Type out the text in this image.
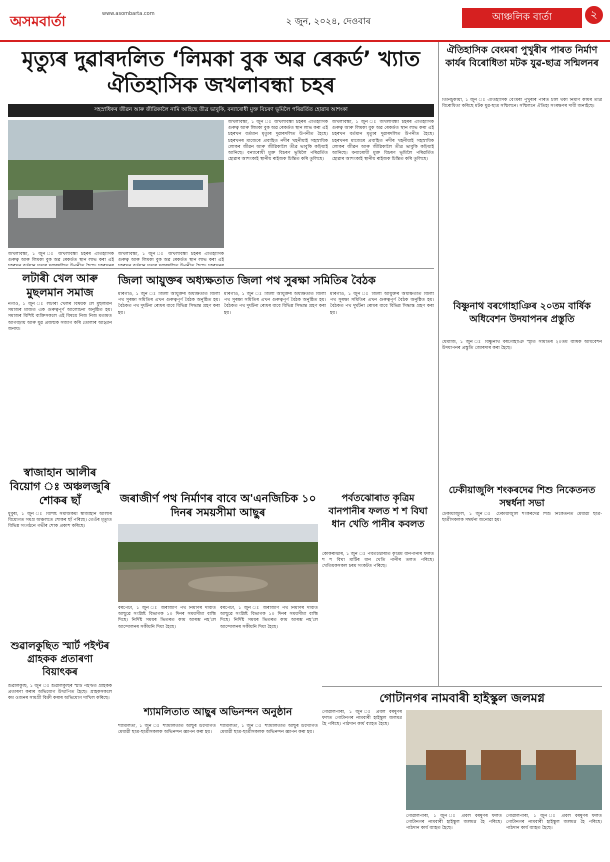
অসমবাৰ্তা	www.asombarta.com
২ জুন, ২০২৪, দেওবাৰ	আঞ্চলিক বাৰ্তা	২
মৃত্যুৰ দুৱাৰদলিত ‘লিমকা বুক অৱ ৰেকৰ্ড’ খ্যাত ঐতিহাসিক জখলাবন্ধা চহৰ
সহস্ৰাধিকৰ জীৱন আৰু জীৱিকালৈ নামি আহিছে তীব্ৰ ভাবুকি, বন্যাৰোধী মুক্ত বিচৰণ ভূমিলৈ পৰিৱৰ্তিত হোৱাৰ আশংকা
জখলাবন্ধা, ১ জুন ঃ জখলাবন্ধা চহৰৰ ঐতিহাসিক গুৰুত্ব আৰু লিমকা বুক অৱ ৰেকৰ্ডত স্থান লাভ কৰা এই
জখলাবন্ধা, ১ জুন ঃ জখলাবন্ধা চহৰৰ ঐতিহাসিক গুৰুত্ব আৰু লিমকা বুক অৱ ৰেকৰ্ডত স্থান লাভ কৰা এই
জখলাবন্ধা, ১ জুন ঃ জখলাবন্ধা চহৰৰ ঐতিহাসিক গুৰুত্ব আৰু লিমকা বুক অৱ ৰেকৰ্ডত স্থান লাভ কৰা এই চহৰখন বৰ্তমান মৃত্যুৰ দুৱাৰদলিত উপনীত হৈছে। চহৰখনৰ মাজেৰে প্ৰবাহিত নদীৰ খহনীয়াই সহস্ৰাধিক লোকৰ জীৱন আৰু জীৱিকালৈ তীব্ৰ ভাবুকি কঢ়িয়াই আনিছে। বন্যাৰোধী মুক্ত বিচৰণ ভূমিলৈ পৰিৱৰ্তিত হোৱাৰ আশংকাই স্থানীয় ৰাইজক চিন্তিত কৰি তুলিছে।
জখলাবন্ধা, ১ জুন ঃ জখলাবন্ধা চহৰৰ ঐতিহাসিক গুৰুত্ব আৰু লিমকা বুক অৱ ৰেকৰ্ডত স্থান লাভ কৰা এই চহৰখন বৰ্তমান মৃত্যুৰ দুৱাৰদলিত উপনীত হৈছে। চহৰখনৰ মাজেৰে প্ৰবাহিত নদীৰ খহনীয়াই সহস্ৰাধিক লোকৰ জীৱন আৰু জীৱিকালৈ তীব্ৰ ভাবুকি কঢ়িয়াই আনিছে। বন্যাৰোধী মুক্ত বিচৰণ ভূমিলৈ পৰিৱৰ্তিত হোৱাৰ আশংকাই স্থানীয় ৰাইজক চিন্তিত কৰি তুলিছে।
লটাৰী খেল আৰু মুছলমান সমাজ
নগাঁও, ১ জুন ঃ লটাৰী খেলৰ বিষয়ক লৈ মুছলমান সমাজৰ মাজত এক গুৰুত্বপূৰ্ণ আলোচনা অনুষ্ঠিত হয়। সমাজৰ বিশিষ্ট ব্যক্তিসকলে এই বিষয়ে নিজ নিজ মতামত আগবঢ়ায় আৰু যুৱ প্ৰজন্মক সজাগ কৰি তোলাৰ আহ্বান জনায়।
স্বাজাহান আলীৰ বিয়োগ ঃ অঞ্চলজুৰি শোকৰ ছাঁ
ধুবুৰী, ১ জুন ঃ বিশিষ্ট সমাজকৰ্মী স্বাজাহান আলীৰ বিয়োগত সমগ্ৰ অঞ্চলতে শোকৰ ছাঁ পৰিছে। তেওঁৰ মৃত্যুত বিভিন্ন সংগঠনে গভীৰ শোক প্ৰকাশ কৰিছে।
শুৱালকুছিত স্মাৰ্ট পইণ্টৰ গ্ৰাহকক প্ৰতাৰণা বিয়াৎকৰ
শুৱালকুছি, ১ জুন ঃ শুৱালকুছিৰ স্মাৰ্ট পইণ্টত গ্ৰাহকক প্ৰতাৰণা কৰাৰ অভিযোগ উত্থাপিত হৈছে। গ্ৰাহকসকলে কম ওজনৰ সামগ্ৰী বিক্ৰী কৰাৰ অভিযোগ দাখিল কৰিছে।
জিলা আয়ুক্তৰ অধ্যক্ষতাত জিলা পথ সুৰক্ষা সমিতিৰ বৈঠক
মৰিগাঁও, ১ জুন ঃ জিলা আয়ুক্তৰ অধ্যক্ষতাত জিলা পথ সুৰক্ষা সমিতিৰ এখন গুৰুত্বপূৰ্ণ বৈঠক অনুষ্ঠিত হয়। বৈঠকত পথ দুৰ্ঘটনা ৰোধৰ বাবে বিভিন্ন সিদ্ধান্ত গ্ৰহণ কৰা হয়।
মৰিগাঁও, ১ জুন ঃ জিলা আয়ুক্তৰ অধ্যক্ষতাত জিলা পথ সুৰক্ষা সমিতিৰ এখন গুৰুত্বপূৰ্ণ বৈঠক অনুষ্ঠিত হয়। বৈঠকত পথ দুৰ্ঘটনা ৰোধৰ বাবে বিভিন্ন সিদ্ধান্ত গ্ৰহণ কৰা হয়।
মৰিগাঁও, ১ জুন ঃ জিলা আয়ুক্তৰ অধ্যক্ষতাত জিলা পথ সুৰক্ষা সমিতিৰ এখন গুৰুত্বপূৰ্ণ বৈঠক অনুষ্ঠিত হয়। বৈঠকত পথ দুৰ্ঘটনা ৰোধৰ বাবে বিভিন্ন সিদ্ধান্ত গ্ৰহণ কৰা হয়।
জৰাজীৰ্ণ পথ নিৰ্মাণৰ বাবে অ'এনজিচিক ১০ দিনৰ সময়সীমা আছুৰ
বৰপেটা, ১ জুন ঃ জৰাজীৰ্ণ পথ নিৰ্মাণৰ দাবীত আছুৱে সংশ্লিষ্ট বিভাগক ১০ দিনৰ সময়সীমা বান্ধি দিছে। নিৰ্দিষ্ট সময়ৰ ভিতৰত কাম আৰম্ভ নহ'লে আন্দোলনৰ সকীয়নি দিয়া হৈছে।
বৰপেটা, ১ জুন ঃ জৰাজীৰ্ণ পথ নিৰ্মাণৰ দাবীত আছুৱে সংশ্লিষ্ট বিভাগক ১০ দিনৰ সময়সীমা বান্ধি দিছে। নিৰ্দিষ্ট সময়ৰ ভিতৰত কাম আৰম্ভ নহ'লে আন্দোলনৰ সকীয়নি দিয়া হৈছে।
শ্যামলিতাত আছুৰ অভিনন্দন অনুষ্ঠান
শ্যামলিতা, ১ জুন ঃ শ্যামলিতাত আছুৰ উদ্যোগত মেধাৱী ছাত্ৰ-ছাত্ৰীসকলক অভিনন্দন জ্ঞাপন কৰা হয়।
শ্যামলিতা, ১ জুন ঃ শ্যামলিতাত আছুৰ উদ্যোগত মেধাৱী ছাত্ৰ-ছাত্ৰীসকলক অভিনন্দন জ্ঞাপন কৰা হয়।
পৰ্বতঝোৰাত কৃত্ৰিম বানপানীৰ ফলত শ শ বিঘা ধান খেতি পানীৰ কবলত
কোকৰাঝাৰ, ১ জুন ঃ পৰ্বতঝোৰাত কৃত্ৰিম বানপানীৰ ফলত শ শ বিঘা মাটিৰ ধান খেতি পানীৰ তলত পৰিছে। খেতিয়কসকল চৰম সংকটত পৰিছে।
ঐতিহাসিক বেংমৰা পুখুৰীৰ পাৰত নিৰ্মাণ কাৰ্যৰ বিৰোধিতা মটক যুৱ-ছাত্ৰ সন্মিলনৰ
তিনিচুকীয়া, ১ জুন ঃ ঐতিহাসিক বেংমৰা পুখুৰীৰ পাৰত চলি থকা নিৰ্মাণ কাৰ্যৰ তীব্ৰ বিৰোধিতা কৰিছে মটক যুৱ-ছাত্ৰ সন্মিলনে। সন্মিলনে ঐতিহ্য সংৰক্ষণৰ দাবী জনাইছে।
বিষ্ণুনাথ বৰগোহাঞিৰ ২০তম বাৰ্ষিক অধিবেশন উদযাপনৰ প্ৰস্তুতি
ধেমাজি, ১ জুন ঃ বিষ্ণুনাথ বৰগোহাঞি স্মৃতি সমিতিৰ ২০তম বাৰ্ষিক অধিবেশন উদযাপনৰ প্ৰস্তুতি জোৰদাৰ কৰা হৈছে।
ঢেকীয়াজুলি শংকৰদেৱ শিশু নিকেতনত সম্বৰ্ধনা সভা
ঢেকীয়াজুলি, ১ জুন ঃ ঢেকীয়াজুলি শংকৰদেৱ শিশু নিকেতনত মেধাৱী ছাত্ৰ-ছাত্ৰীসকলক সম্বৰ্ধনা জনোৱা হয়।
গোটানগৰ নামবাৰী হাইস্কুল জলমগ্ন
গোৱালপাৰা, ১ জুন ঃ প্ৰবল বৰষুণৰ ফলত গোটানগৰ নামবাৰী হাইস্কুল জলমগ্ন হৈ পৰিছে। পাঠদান কাৰ্য ব্যাহত হৈছে।
গোৱালপাৰা, ১ জুন ঃ প্ৰবল বৰষুণৰ ফলত গোটানগৰ নামবাৰী হাইস্কুল জলমগ্ন হৈ পৰিছে। পাঠদান কাৰ্য ব্যাহত হৈছে।
গোৱালপাৰা, ১ জুন ঃ প্ৰবল বৰষুণৰ ফলত গোটানগৰ নামবাৰী হাইস্কুল জলমগ্ন হৈ পৰিছে। পাঠদান কাৰ্য ব্যাহত হৈছে।
